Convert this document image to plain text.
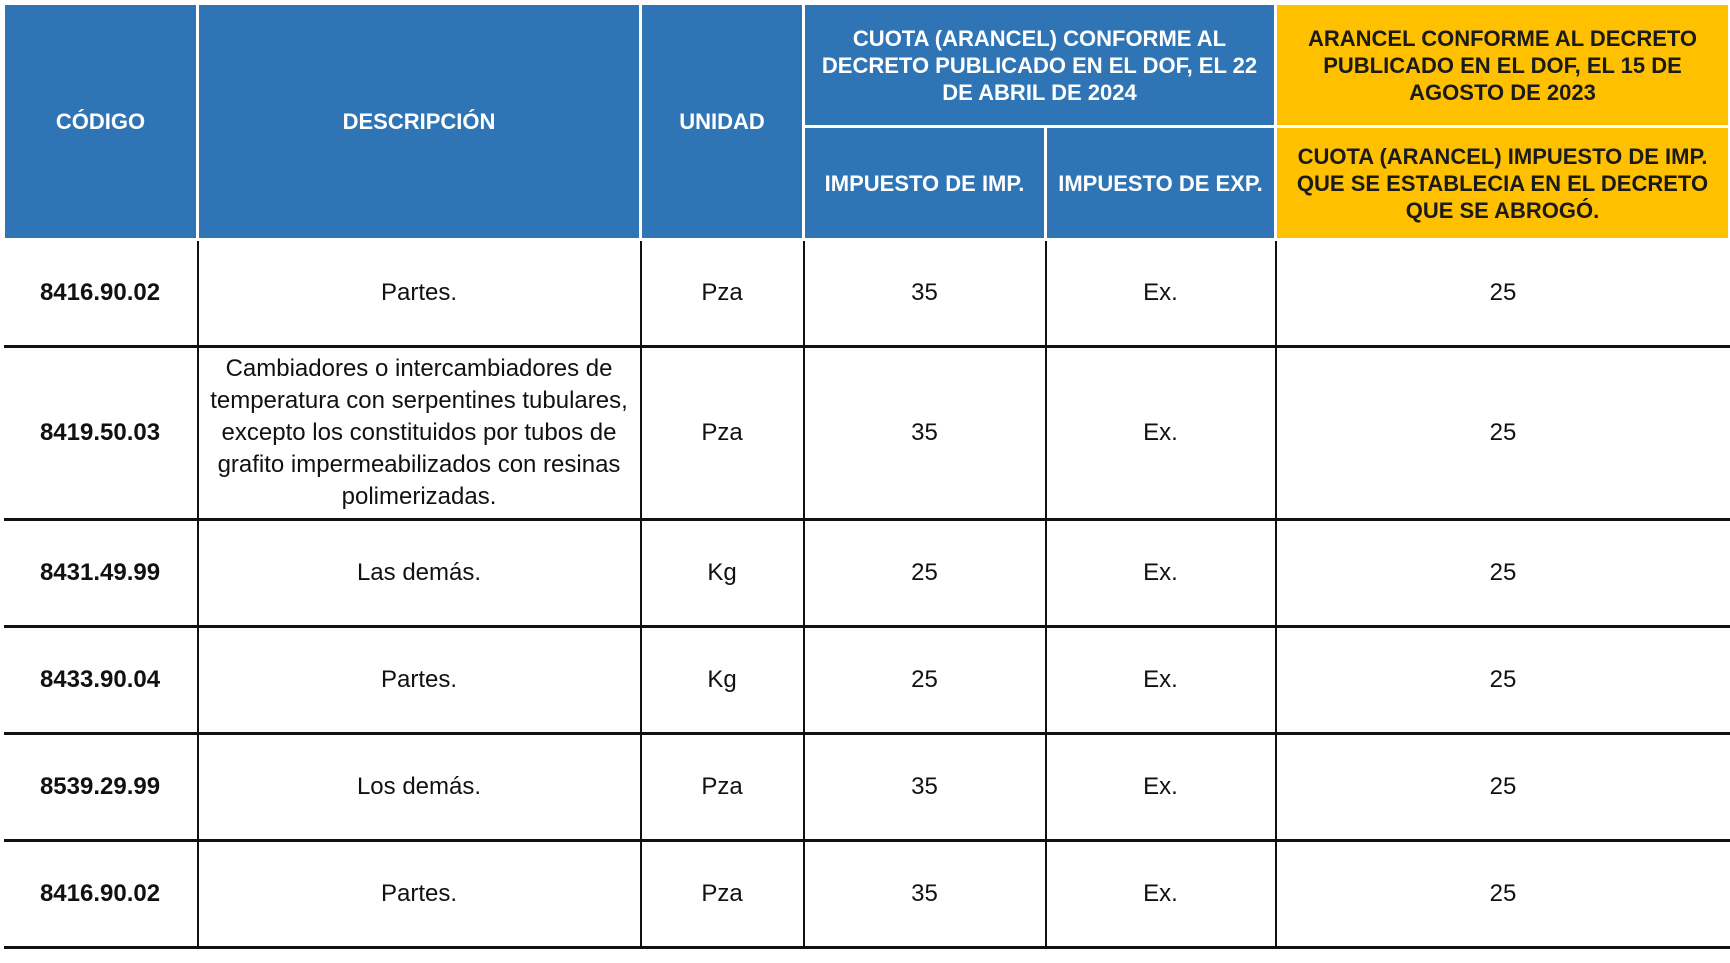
CÓDIGO	DESCRIPCIÓN	UNIDAD	CUOTA (ARANCEL) CONFORME AL DECRETO PUBLICADO EN EL DOF, EL 22 DE ABRIL DE 2024		ARANCEL CONFORME AL DECRETO PUBLICADO EN EL DOF, EL 15 DE AGOSTO DE 2023
			IMPUESTO DE IMP.	IMPUESTO DE EXP.	CUOTA (ARANCEL) IMPUESTO DE IMP. QUE SE ESTABLECIA EN EL DECRETO QUE SE ABROGÓ.
8416.90.02	Partes.	Pza	35	Ex.	25
8419.50.03	Cambiadores o intercambiadores de temperatura con serpentines tubulares, excepto los constituidos por tubos de grafito impermeabilizados con resinas polimerizadas.	Pza	35	Ex.	25
8431.49.99	Las demás.	Kg	25	Ex.	25
8433.90.04	Partes.	Kg	25	Ex.	25
8539.29.99	Los demás.	Pza	35	Ex.	25
8416.90.02	Partes.	Pza	35	Ex.	25
